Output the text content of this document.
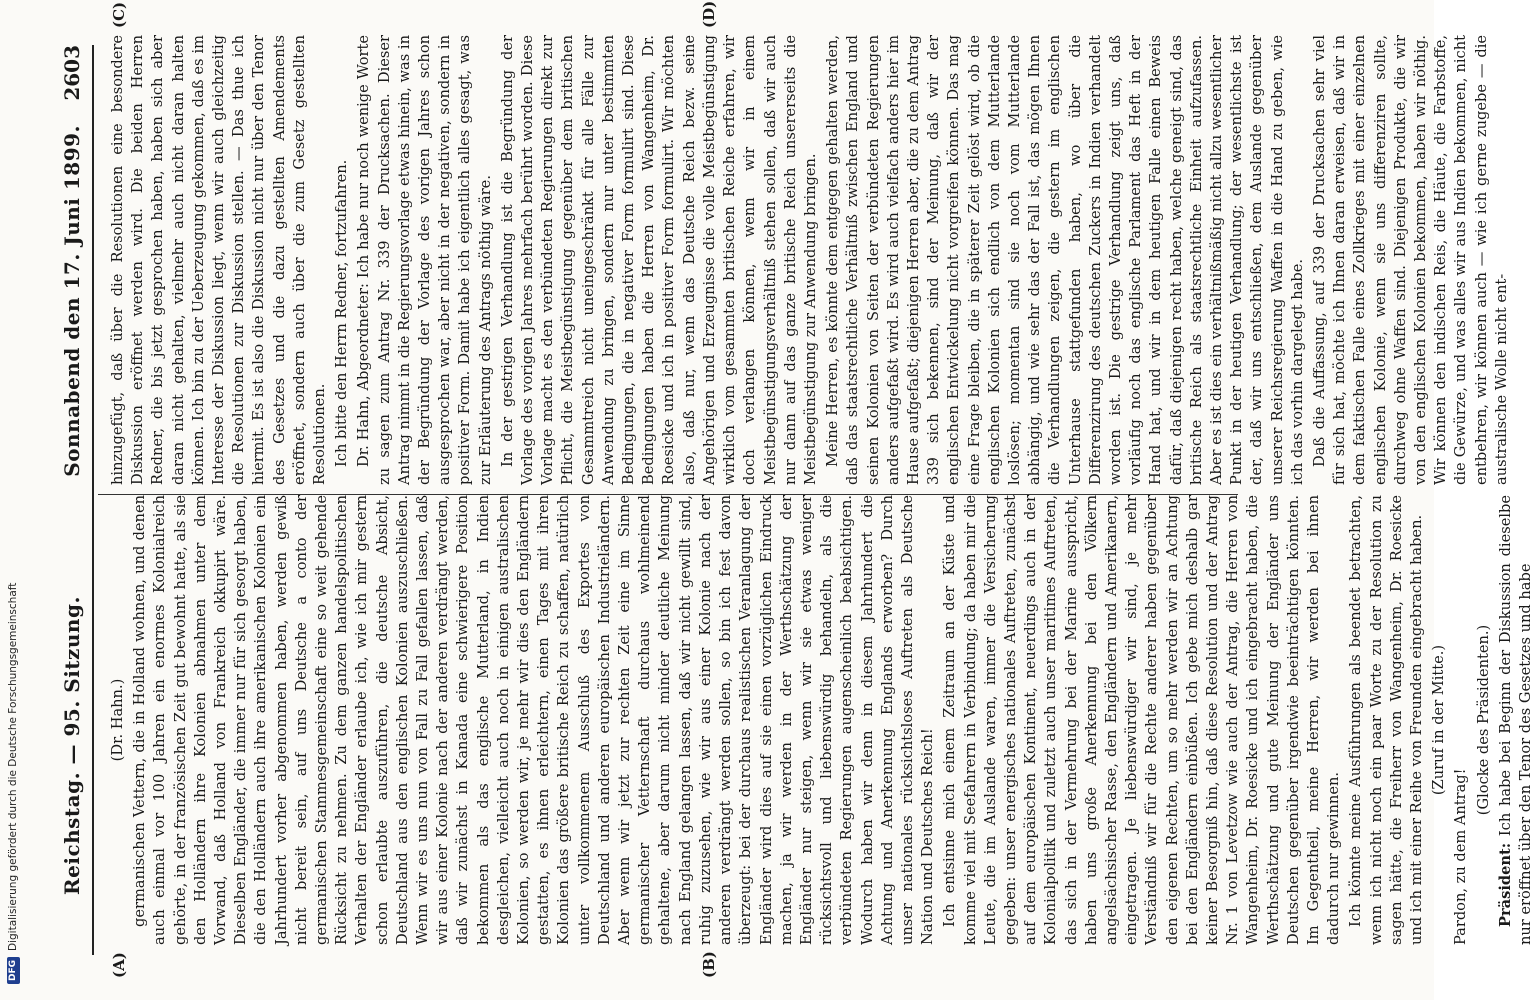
Reichstag. — 95. Sitzung.
Sonnabend den 17. Juni 1899.
2603
(A)	(B)
(C)	(D)

(Dr. Hahn.) germanischen Vettern, die in Holland wohnen, und denen auch einmal vor 100 Jahren ein enormes Kolonialreich gehörte, in der französischen Zeit gut bewohnt hatte, als sie den Holländern ihre Kolonien abnahmen unter dem Vorwand, daß Holland von Frankreich okkupirt wäre. Dieselben Engländer, die immer nur für sich gesorgt haben, die den Holländern auch ihre amerikanischen Kolonien ein Jahrhundert vorher abgenommen haben, werden gewiß nicht bereit sein, auf uns Deutsche a conto der germanischen Stammesgemeinschaft eine so weit gehende Rücksicht zu nehmen. Zu dem ganzen handelspolitischen Verhalten der Engländer erlaube ich, wie ich mir gestern schon erlaubte auszuführen, die deutsche Absicht, Deutschland aus den englischen Kolonien auszuschließen. Wenn wir es uns nun von Fall zu Fall gefallen lassen, daß wir aus einer Kolonie nach der anderen verdrängt werden, daß wir zunächst in Kanada eine schwierigere Position bekommen als das englische Mutterland, in Indien desgleichen, vielleicht auch noch in einigen australischen Kolonien, so werden wir, je mehr wir dies den Engländern gestatten, es ihnen erleichtern, einen Tages mit ihren Kolonien das größere britische Reich zu schaffen, natürlich unter vollkommenem Ausschluß des Exportes von Deutschland und anderen europäischen Industrieländern. Aber wenn wir jetzt zur rechten Zeit eine im Sinne germanischer Vetternschaft durchaus wohlmeinend gehaltene, aber darum nicht minder deutliche Meinung nach England gelangen lassen, daß wir nicht gewillt sind, ruhig zuzusehen, wie wir aus einer Kolonie nach der anderen verdrängt werden sollen, so bin ich fest davon überzeugt: bei der durchaus realistischen Veranlagung der Engländer wird dies auf sie einen vorzüglichen Eindruck machen, ja wir werden in der Werthschätzung der Engländer nur steigen, wenn wir sie etwas weniger rücksichtsvoll und liebenswürdig behandeln, als die verbündeten Regierungen augenscheinlich beabsichtigen. Wodurch haben wir denn in diesem Jahrhundert die Achtung und Anerkennung Englands erworben? Durch unser nationales rücksichtsloses Auftreten als Deutsche Nation und Deutsches Reich! Ich entsinne mich einem Zeitraum an der Küste und komme viel mit Seefahrern in Verbindung; da haben mir die Leute, die im Auslande waren, immer die Versicherung gegeben: unser energisches nationales Auftreten, zunächst auf dem europäischen Kontinent, neuerdings auch in der Kolonialpolitik und zuletzt auch unser maritimes Auftreten, das sich in der Vermehrung bei der Marine ausspricht, haben uns große Anerkennung bei den Völkern angelsächsischer Rasse, den Engländern und Amerikanern, eingetragen. Je liebenswürdiger wir sind, je mehr Verständniß wir für die Rechte anderer haben gegenüber den eigenen Rechten, um so mehr werden wir an Achtung bei den Engländern einbüßen. Ich gebe mich deshalb gar keiner Besorgniß hin, daß diese Resolution und der Antrag Nr. 1 von Levetzow wie auch der Antrag, die Herren von Wangenheim, Dr. Roesicke und ich eingebracht haben, die Werthschätzung und gute Meinung der Engländer uns Deutschen gegenüber irgendwie beeinträchtigen könnten. Im Gegentheil, meine Herren, wir werden bei ihnen dadurch nur gewinnen. Ich könnte meine Ausführungen als beendet betrachten, wenn ich nicht noch ein paar Worte zu der Resolution zu sagen hätte, die Freiherr von Wangenheim, Dr. Roesicke und ich mit einer Reihe von Freunden eingebracht haben. (Zuruf in der Mitte.)

Pardon, zu dem Antrag!

(Glocke des Präsidenten.)

Präsident: Ich habe bei Beginn der Diskussion dieselbe nur eröffnet über den Tenor des Gesetzes und habe

hinzugefügt, daß über die Resolutionen eine besondere Diskussion eröffnet werden wird. Die beiden Herren Redner, die bis jetzt gesprochen haben, haben sich aber daran nicht gehalten, vielmehr auch nicht daran halten können. Ich bin zu der Ueberzeugung gekommen, daß es im Interesse der Diskussion liegt, wenn wir auch gleichzeitig die Resolutionen zur Diskussion stellen. — Das thue ich hiermit. Es ist also die Diskussion nicht nur über den Tenor des Gesetzes und die dazu gestellten Amendements eröffnet, sondern auch über die zum Gesetz gestellten Resolutionen. Ich bitte den Herrn Redner, fortzufahren. Dr. Hahn, Abgeordneter: Ich habe nur noch wenige Worte zu sagen zum Antrag Nr. 339 der Drucksachen. Dieser Antrag nimmt in die Regierungsvorlage etwas hinein, was in der Begründung der Vorlage des vorigen Jahres schon ausgesprochen war, aber nicht in der negativen, sondern in positiver Form. Damit habe ich eigentlich alles gesagt, was zur Erläuterung des Antrags nöthig wäre. In der gestrigen Verhandlung ist die Begründung der Vorlage des vorigen Jahres mehrfach berührt worden. Diese Vorlage macht es den verbündeten Regierungen direkt zur Pflicht, die Meistbegünstigung gegenüber dem britischen Gesammtreich nicht uneingeschränkt für alle Fälle zur Anwendung zu bringen, sondern nur unter bestimmten Bedingungen, die in negativer Form formulirt sind. Diese Bedingungen haben die Herren von Wangenheim, Dr. Roesicke und ich in positiver Form formulirt. Wir möchten also, daß nur, wenn das Deutsche Reich bezw. seine Angehörigen und Erzeugnisse die volle Meistbegünstigung wirklich vom gesammten britischen Reiche erfahren, wir doch verlangen können, wenn wir in einem Meistbegünstigungsverhältniß stehen sollen, daß wir auch nur dann auf das ganze britische Reich unsererseits die Meistbegünstigung zur Anwendung bringen. Meine Herren, es könnte dem entgegen gehalten werden, daß das staatsrechtliche Verhältniß zwischen England und seinen Kolonien von Seiten der verbündeten Regierungen anders aufgefaßt wird. Es wird auch vielfach anders hier im Hause aufgefaßt; diejenigen Herren aber, die zu dem Antrag 339 sich bekennen, sind der Meinung, daß wir der englischen Entwickelung nicht vorgreifen können. Das mag eine Frage bleiben, die in späterer Zeit gelöst wird, ob die englischen Kolonien sich endlich von dem Mutterlande loslösen; momentan sind sie noch vom Mutterlande abhängig, und wie sehr das der Fall ist, das mögen Ihnen die Verhandlungen zeigen, die gestern im englischen Unterhause stattgefunden haben, wo über die Differenzirung des deutschen Zuckers in Indien verhandelt worden ist. Die gestrige Verhandlung zeigt uns, daß vorläufig noch das englische Parlament das Heft in der Hand hat, und wir in dem heutigen Falle einen Beweis dafür, daß diejenigen recht haben, welche geneigt sind, das britische Reich als staatsrechtliche Einheit aufzufassen. Aber es ist dies ein verhältnißmäßig nicht allzu wesentlicher Punkt in der heutigen Verhandlung; der wesentlichste ist der, daß wir uns entschließen, dem Auslande gegenüber unserer Reichsregierung Waffen in die Hand zu geben, wie ich das vorhin dargelegt habe. Daß die Auffassung, auf 339 der Drucksachen sehr viel für sich hat, möchte ich Ihnen daran erweisen, daß wir in dem faktischen Falle eines Zollkrieges mit einer einzelnen englischen Kolonie, wenn sie uns differenziren sollte, durchweg ohne Waffen sind. Diejenigen Produkte, die wir von den englischen Kolonien bekommen, haben wir nöthig. Wir können den indischen Reis, die Häute, die Farbstoffe, die Gewürze, und was alles wir aus Indien bekommen, nicht entbehren, wir können auch — wie ich gerne zugebe — die australische Wolle nicht ent-

DFGDigitalisierung gefördert durch die Deutsche Forschungsgemeinschaft
